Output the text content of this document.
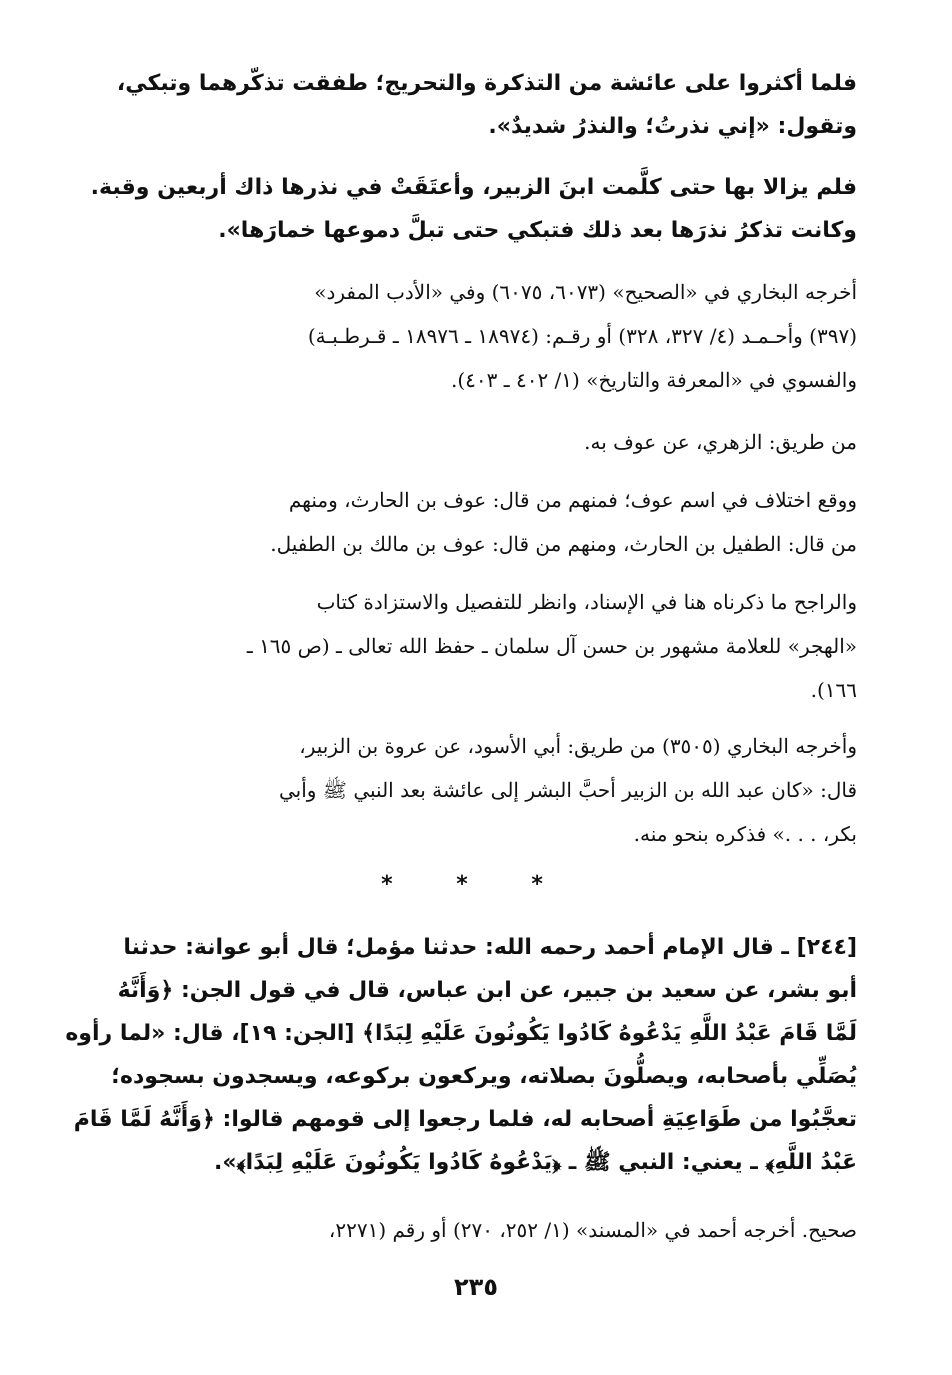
فلما أكثروا على عائشة من التذكرة والتحريج؛ طفقت تذكّرهما وتبكي،
وتقول: «إني نذرتُ؛ والنذرُ شديدٌ».
فلم يزالا بها حتى كلَّمت ابنَ الزبير، وأعتَقَتْ في نذرها ذاك أربعين وقبة.
وكانت تذكرُ نذرَها بعد ذلك فتبكي حتى تبلَّ دموعها خمارَها».
أخرجه البخاري في «الصحيح» (٦٠٧٣، ٦٠٧٥) وفي «الأدب المفرد»
(٣٩٧) وأحـمـد (٤/ ٣٢٧، ٣٢٨) أو رقـم: (١٨٩٧٤ ـ ١٨٩٧٦ ـ قـرطـبـة)
والفسوي في «المعرفة والتاريخ» (١/ ٤٠٢ ـ ٤٠٣).
من طريق: الزهري، عن عوف به.
ووقع اختلاف في اسم عوف؛ فمنهم من قال: عوف بن الحارث، ومنهم
من قال: الطفيل بن الحارث، ومنهم من قال: عوف بن مالك بن الطفيل.
والراجح ما ذكرناه هنا في الإسناد، وانظر للتفصيل والاستزادة كتاب
«الهجر» للعلامة مشهور بن حسن آل سلمان ـ حفظ الله تعالى ـ (ص ١٦٥ ـ
١٦٦).
وأخرجه البخاري (٣٥٠٥) من طريق: أبي الأسود، عن عروة بن الزبير،
قال: «كان عبد الله بن الزبير أحبَّ البشر إلى عائشة بعد النبي ﷺ وأبي
بكر، . . .» فذكره بنحو منه.
* * *
[٢٤٤] ـ قال الإمام أحمد رحمه الله: حدثنا مؤمل؛ قال أبو عوانة: حدثنا
أبو بشر، عن سعيد بن جبير، عن ابن عباس، قال في قول الجن: ﴿وَأَنَّهُ
لَمَّا قَامَ عَبْدُ اللَّهِ يَدْعُوهُ كَادُوا يَكُونُونَ عَلَيْهِ لِبَدًا﴾ [الجن: ١٩]، قال: «لما رأوه
يُصَلِّي بأصحابه، ويصلُّونَ بصلاته، ويركعون بركوعه، ويسجدون بسجوده؛
تعجَّبُوا من طَوَاعِيَةِ أصحابه له، فلما رجعوا إلى قومهم قالوا: ﴿وَأَنَّهُ لَمَّا قَامَ
عَبْدُ اللَّهِ﴾ ـ يعني: النبي ﷺ ـ ﴿يَدْعُوهُ كَادُوا يَكُونُونَ عَلَيْهِ لِبَدًا﴾».
صحيح. أخرجه أحمد في «المسند» (١/ ٢٥٢، ٢٧٠) أو رقم (٢٢٧١،
٢٣٥
